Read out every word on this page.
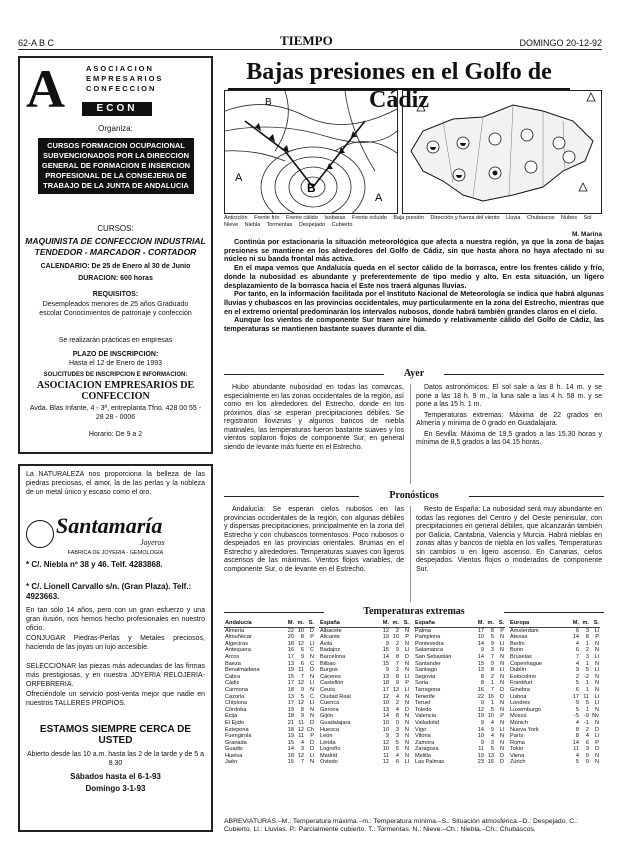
62-A B C	TIEMPO	DOMINGO 20-12-92
A	ASOCIACION
EMPRESARIOS
CONFECCION
ECON
Organiza:
CURSOS FORMACION OCUPACIONAL SUBVENCIONADOS POR LA DIRECCION GENERAL DE FORMACION E INSERCION PROFESIONAL DE LA CONSEJERIA DE TRABAJO DE LA JUNTA DE ANDALUCIA
CURSOS:
MAQUINISTA DE CONFECCION INDUSTRIAL TENDEDOR - MARCADOR - CORTADOR
CALENDARIO: De 25 de Enero al 30 de Junio
DURACION: 600 horas
REQUISITOS:
Desempleados menores de 25 años Graduado escolar Conocimientos de patronaje y confección
Se realizarán prácticas en empresas
PLAZO DE INSCRIPCION:
Hasta el 12 de Enero de 1993
SOLICITUDES DE INSCRIPCION E INFORMACION:
ASOCIACION EMPRESARIOS DE CONFECCION
Avda. Blas Infante, 4 - 3ª, entreplanta Tfno. 428 00 55 - 28 28 - 0006
Horario: De 9 a 2
La NATURALEZA nos proporciona la belleza de las piedras preciosas, el amor, la de las perlas y la nobleza de un metal único y escaso como el oro.
Santamaría
Joyeros
FABRICA DE JOYERIA - GEMOLOGIA
* C/. Niebla nº 38 y 46. Telf. 4283868.
* C/. Lionell Carvallo s/n. (Gran Plaza). Telf.: 4923663.
En tan sólo 14 años, pero con un gran esfuerzo y una gran ilusión, nos hemos hecho profesionales en nuestro oficio.
CONJUGAR Piedras-Perlas y Metales preciosos, haciendo de las joyas un lujo accesible.
SELECCIONAR las piezas más adecuadas de las firmas más prestigiosas, y en nuestra JOYERIA RELOJERIA-ORFEBRERIA.
Ofreciéndole un servicio post-venta mejor que nadie en nuestros TALLERES PROPIOS.
ESTAMOS SIEMPRE CERCA DE USTED
Abierto desde las 10 a.m. hasta las 2 de la tarde y de 5 a 8.30
Sábados hasta el 6-1-93
Domingo 3-1-93
Bajas presiones en el Golfo de Cádiz
B
B
A
A
Anticiclón Frente frío Frente cálido Isobaras Frente ocluido Baja presión Dirección y fuerza del viento Lluvia Chubascos Nubes Sol Nieve Niebla Tormentas Despejado Cubierto
M. Marina

Continúa por estacionaria la situación meteorológica que afecta a nuestra región, ya que la zona de bajas presiones se mantiene en los alrededores del Golfo de Cádiz, sin que hasta ahora no haya afectado ni su núcleo ni su banda frontal más activa.

En el mapa vemos que Andalucía queda en el sector cálido de la borrasca, entre los frentes cálido y frío, donde la nubosidad es abundante y preferentemente de tipo medio y alto. En esta situación, un ligero desplazamiento de la borrasca hacia el Este nos traerá algunas lluvias.

Por tanto, en la información facilitada por el Instituto Nacional de Meteorología se indica que habrá algunas lluvias y chubascos en las provincias occidentales, muy particularmente en la zona del Estrecho, mientras que en el extremo oriental predominarán los intervalos nubosos, donde habrá también grandes claros en el cielo.

Aunque los vientos de componente Sur traen aire húmedo y relativamente cálido del Golfo de Cádiz, las temperaturas se mantienen bastante suaves durante el día.

Ayer

Hubo abundante nubosidad en todas las comarcas, especialmente en las zonas occidentales de la región, así como en los alrededores del Estrecho, donde en los próximos días se esperan precipitaciones débiles. Se registraron lloviznas y algunos bancos de niebla matinales, las temperaturas fueron bastante suaves y los vientos soplaron flojos de componente Sur, en general siendo de levante más fuerte en el Estrecho.

Datos astronómicos: El sol sale a las 8 h. 14 m. y se pone a las 18 h. 9 m., la luna sale a las 4 h. 58 m. y se pone a las 15 h. 1 m.

Temperaturas extremas: Máxima de 22 grados en Almería y mínima de 0 grado en Guadalajara.

En Sevilla: Máxima de 19,5 grados a las 15.30 horas y mínima de 8,5 grados a las 04.15 horas.

Pronósticos

Andalucía: Se esperan cielos nubosos en las provincias occidentales de la región, con algunas débiles y dispersas precipitaciones, principalmente en la zona del Estrecho y con chubascos tormentosos. Poco nubosos o despejados en las provincias orientales. Brumas en el Estrecho y alrededores. Temperaturas suaves con ligeros ascensos de las máximas. Vientos flojos variables, de componente Sur, o de levante en el Estrecho.

Resto de España: La nubosidad será muy abundante en todas las regiones del Centro y del Oeste peninsular, con precipitaciones en general débiles, que alcanzarán también por Galicia, Cantabria, Valencia y Murcia. Habrá nieblas en zonas altas y bancos de niebla en los valles. Temperaturas sin cambios o en ligero ascenso. En Canarias, cielos despejados. Vientos flojos o moderados de componente Sur.

Temperaturas extremas
Andalucía	M.	m.	S.
Almería	22	10	D
Almuñécar	20	8	P
Algeciras	18	12	Ll
Antequera	16	6	C
Arcos	17	9	N
Baeza	13	6	C
Benalmádena	19	11	D
Cabra	15	7	N
Cádiz	17	12	Ll
Carmona	18	9	N
Cazorla	13	5	C
Chipiona	17	12	Ll
Córdoba	19	8	N
Écija	18	9	N
El Ejido	21	11	D
Estepona	18	12	Ch
Fuengirola	19	11	P
Granada	15	4	D
Guadix	14	3	D
Huelva	18	12	Ll
Jaén	15	7	N
España	M.	m.	S.
Albacete	12	2	N
Alicante	19	10	P
Ávila	9	2	N
Badajoz	15	9	Ll
Barcelona	14	8	D
Bilbao	15	7	N
Burgos	9	2	N
Cáceres	13	8	Ll
Castellón	18	9	P
Ceuta	17	13	Ll
Ciudad Real	12	4	N
Cuenca	10	2	N
Gerona	13	4	D
Gijón	14	8	N
Guadalajara	10	0	N
Huesca	10	3	N
León	9	3	N
Lérida	12	5	N
Logroño	10	5	N
Madrid	11	4	N
Oviedo	12	6	Ll
España	M.	m.	S.
Palma	17	8	P
Pamplona	10	5	N
Pontevedra	14	9	Ll
Salamanca	9	3	N
San Sebastián	14	7	N
Santander	15	9	N
Santiago	13	8	Ll
Segovia	8	2	N
Soria	8	1	N
Tarragona	16	7	D
Tenerife	22	16	D
Teruel	9	1	N
Toledo	12	5	N
Valencia	19	10	P
Valladolid	9	4	N
Vigo	14	9	Ll
Vitoria	10	4	N
Zamora	9	3	N
Zaragoza	11	5	N
Melilla	19	13	D
Las Palmas	23	16	D
Europa	M.	m.	S.
Ámsterdam	6	3	Ll
Atenas	14	8	P
Berlín	4	1	N
Bonn	6	2	N
Bruselas	7	3	Ll
Copenhague	4	1	N
Dublín	9	5	Ll
Estocolmo	2	-2	N
Frankfurt	5	1	N
Ginebra	6	1	N
Lisboa	17	11	Ll
Londres	9	5	Ll
Luxemburgo	5	1	N
Moscú	-5	-9	Nv
Múnich	4	-1	N
Nueva York	8	2	D
París	8	4	Ll
Roma	14	6	P
Tokio	11	3	D
Viena	4	0	N
Zúrich	5	0	N
ABREVIATURAS.–M.: Temperatura máxima.–m.: Temperatura mínima.–S.: Situación atmosférica.–D.: Despejado. C.: Cubierto. Ll.: Lluvias. P.: Parcialmente cubierto. T.: Tormentas. N.: Nieve.–Ch.: Niebla.–Ch.: Chubascos.
